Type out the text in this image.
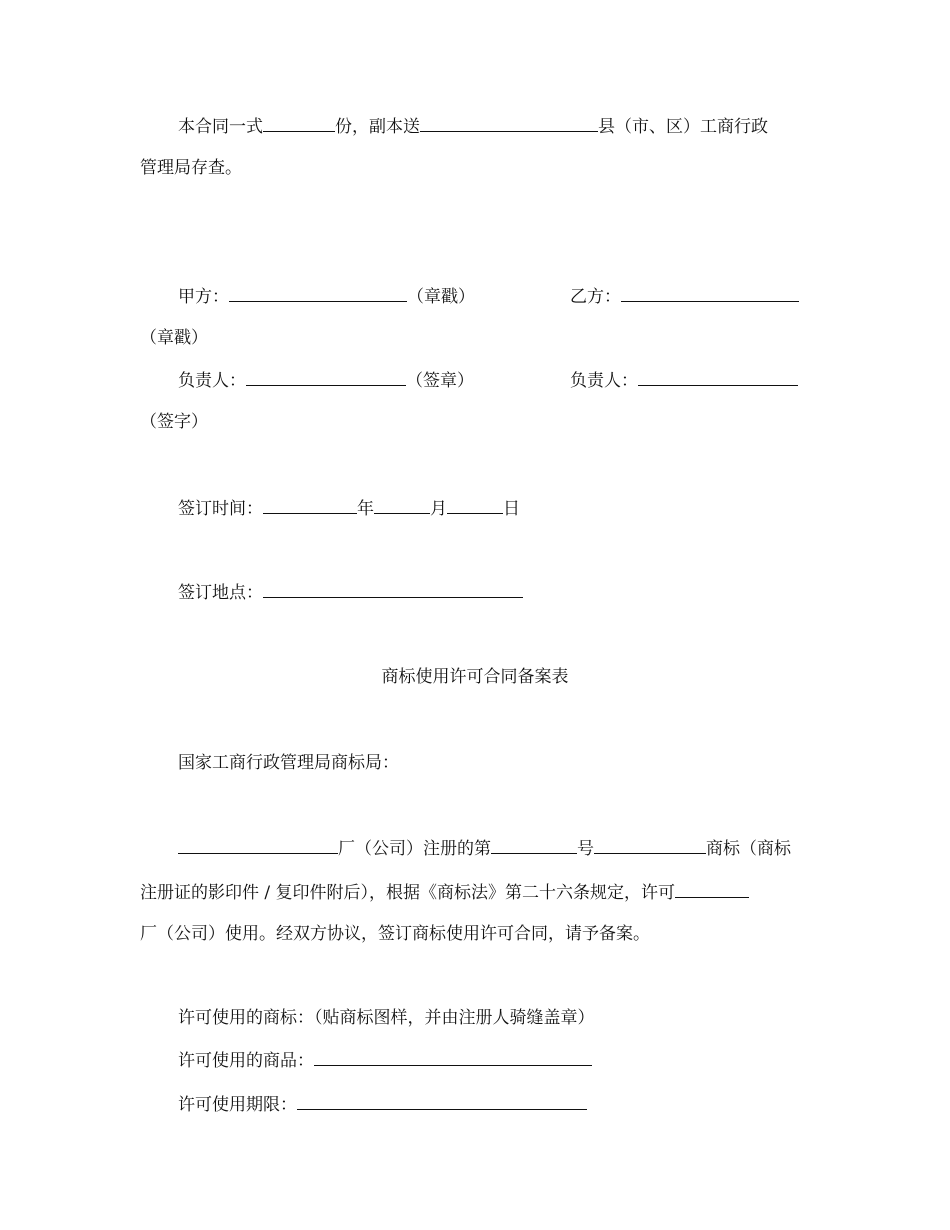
本合同一式	份，副本送	县（市、区）工商行政
管理局存查。
甲方：	（章戳）	乙方：
（章戳）
负责人：	（签章）	负责人：
（签字）
签订时间：	年	月	日
签订地点：
商标使用许可合同备案表
国家工商行政管理局商标局：
厂（公司）注册的第	号	商标（商标
注册证的影印件 / 复印件附后），根据《商标法》第二十六条规定，许可
厂（公司）使用。经双方协议，签订商标使用许可合同，请予备案。
许可使用的商标：（贴商标图样，并由注册人骑缝盖章）
许可使用的商品：
许可使用期限：
